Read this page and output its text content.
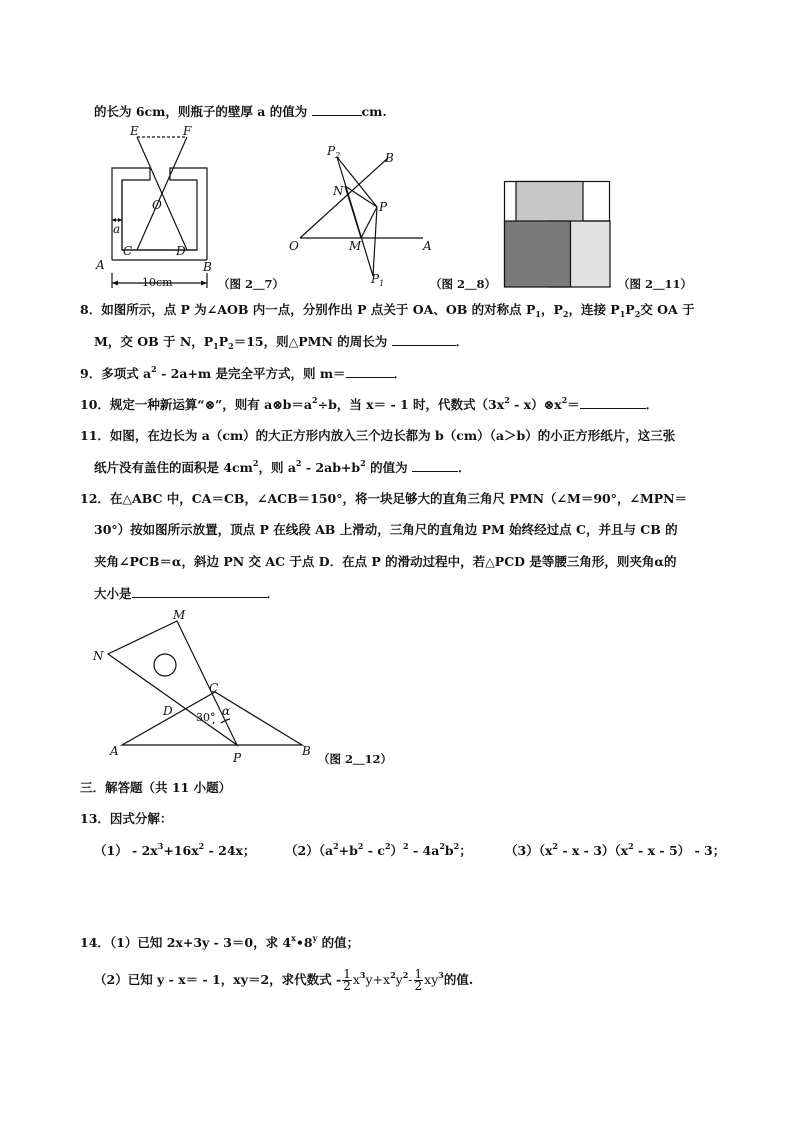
的长为 6cm，则瓶子的壁厚 a 的值为	cm.
E	F
O
a
C	D
A	B
10cm	（图 2＿7）
$P_2$	B
N
P
O	M	A
$P_1$	（图 2＿8）	（图 2＿11）
8．如图所示，点 P 为∠AOB 内一点，分别作出 P 点关于 OA、OB 的对称点 $P_1$，$P_2$，连接 $P_1P_2$交 OA 于
M，交 OB 于 N，$P_1P_2=15$，则△PMN 的周长为	．
9．多项式 $a^2 - 2a+m$ 是完全平方式，则 m＝	．
10．规定一种新运算“⊗”，则有 $a\otimes b=a^2\div b$，当 x＝ - 1 时，代数式（$3x^2$ - $x)\otimes x^2=$	．
11．如图，在边长为 a（cm）的大正方形内放入三个边长都为 b（cm）（a＞b）的小正方形纸片，这三张
纸片没有盖住的面积是 $4cm^2$，则 $a^2 - 2ab+b^2$ 的值为	．
12．在△ABC 中，CA＝CB，∠ACB＝150°，将一块足够大的直角三角尺 PMN（∠M＝90°，∠MPN＝
30°）按如图所示放置，顶点 P 在线段 AB 上滑动，三角尺的直角边 PM 始终经过点 C，并且与 CB 的
夹角∠PCB＝α，斜边 PN 交 AC 于点 D．在点 P 的滑动过程中，若△PCD 是等腰三角形，则夹角α的
大小是	．
M
N
C
D 30° α
A	P	B
（图 2＿12）
三．解答题（共 11 小题）
13．因式分解：
$(1) - 2x^3+16x^2 - 24x$； $(2)(a^2+b^2 - c^2)^2 - 4a^2b^2$；	$(3)(x^2$ - x - $3)(x^2$ - x - 5） - 3；
14．（1）已知 2x+3y - 3＝0，求 4$^x$•8$^y$ 的值；
（2）已知 y - x＝ - 1，xy＝2，求代数式 - $\frac{1}{2} x^3y+x^2y^2- \frac{1}{2} xy^3$的值.
